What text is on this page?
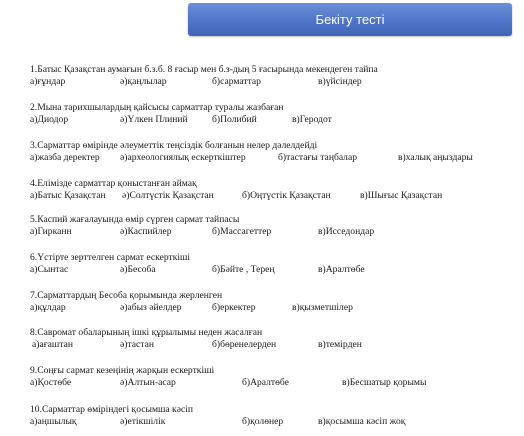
Бекіту тесті
1.Батыс Қазақстан аумағын б.з.б. 8 ғасыр мен б.з-дың 5 ғасырында мекендеген тайпа
а)ғұндар	ә)қаңлылар	б)сарматтар	в)үйсіндер
2.Мына тарихшылардың қайсысы сарматтар туралы жазбаған
а)Диодор	ә)Үлкен Плиний	б)Полибий	в)Геродот
3.Сарматтар өмірінде әлеуметтік теңсіздік болғанын нелер дәлелдейді
а)жазба деректер ә)археологиялық ескерткіштер	б)тастағы таңбалар	в)халық аңыздары
4.Елімізде сарматтар қоныстанған аймақ
а)Батыс Қазақстан ә)Солтүстік Қазақстан	б)Оңтүстік Қазақстан	в)Шығыс Қазақстан
5.Каспий жағалауында өмір сүрген сармат тайпасы
а)Гирканн	ә)Каспийлер	б)Массагеттер	в)Исседондар
6.Үстірте зерттелген сармат ескерткіші
а)Сынтас	ә)Бесоба	б)Бәйте , Терең	в)Аралтөбе
7.Сарматтардың Бесоба қорымында жерленген
а)құлдар	ә)абыз әйелдер	б)еркектер	в)қызметшілер
8.Савромат обаларының ішкі құрылымы неден жасалған
а)ағаштан	ә)тастан	б)бөренелерден	в)темірден
9.Соңғы сармат кезеңінің жарқын ескерткіші
а)Қостөбе	ә)Алтын-асар	б)Аралтөбе	в)Бесшатыр қорымы
10.Сарматтар өміріндегі қосымша кәсіп
а)аңшылық	ә)етікшілік	б)қолөнер	в)қосымша кәсіп жоқ
